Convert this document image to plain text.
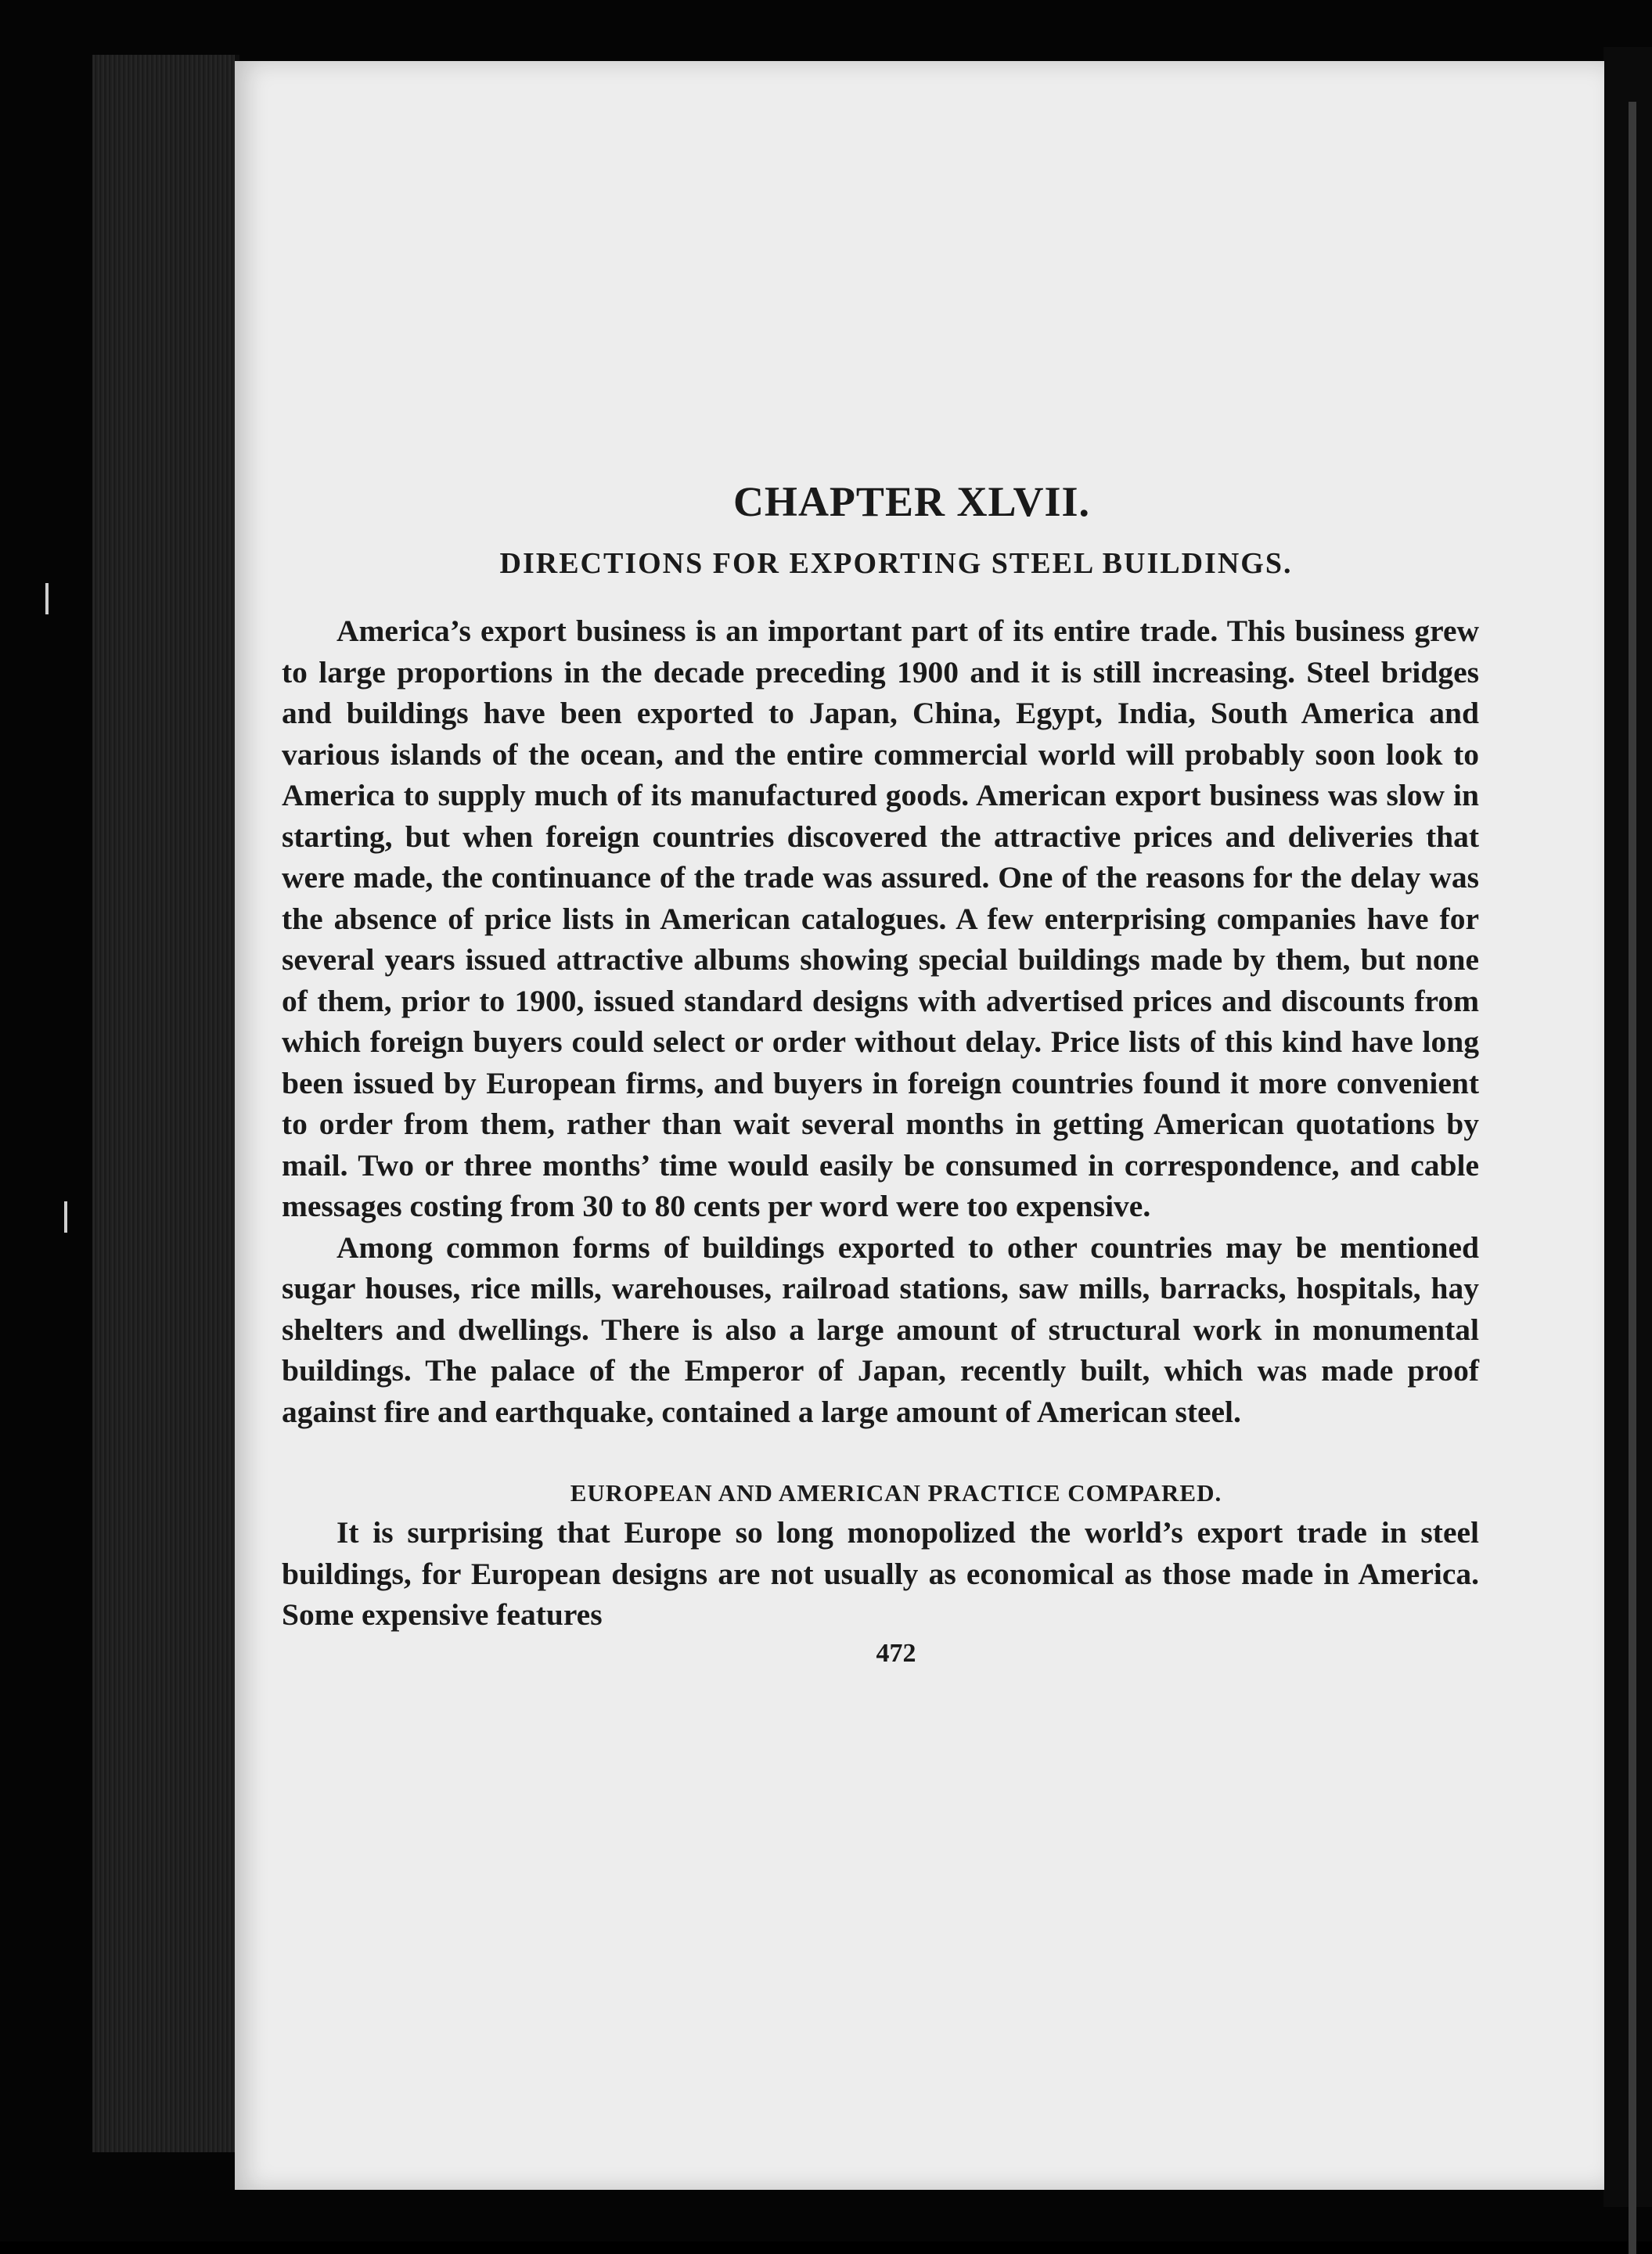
CHAPTER XLVII.
DIRECTIONS FOR EXPORTING STEEL BUILDINGS.

America’s export business is an important part of its entire trade. This business grew to large proportions in the decade preceding 1900 and it is still increasing. Steel bridges and buildings have been exported to Japan, China, Egypt, India, South America and various islands of the ocean, and the entire commercial world will probably soon look to America to supply much of its manufactured goods. American export business was slow in starting, but when foreign countries discovered the attractive prices and deliveries that were made, the continuance of the trade was assured. One of the reasons for the delay was the absence of price lists in American catalogues. A few enterprising companies have for several years issued attractive albums showing special buildings made by them, but none of them, prior to 1900, issued standard designs with advertised prices and discounts from which foreign buyers could select or order without delay. Price lists of this kind have long been issued by European firms, and buyers in foreign countries found it more convenient to order from them, rather than wait several months in getting American quotations by mail. Two or three months’ time would easily be consumed in correspondence, and cable messages costing from 30 to 80 cents per word were too expensive.

Among common forms of buildings exported to other countries may be mentioned sugar houses, rice mills, warehouses, railroad stations, saw mills, barracks, hospitals, hay shelters and dwellings. There is also a large amount of structural work in monumental buildings. The palace of the Emperor of Japan, recently built, which was made proof against fire and earthquake, contained a large amount of American steel.

EUROPEAN AND AMERICAN PRACTICE COMPARED.

It is surprising that Europe so long monopolized the world’s export trade in steel buildings, for European designs are not usually as economical as those made in America. Some expensive features

472
